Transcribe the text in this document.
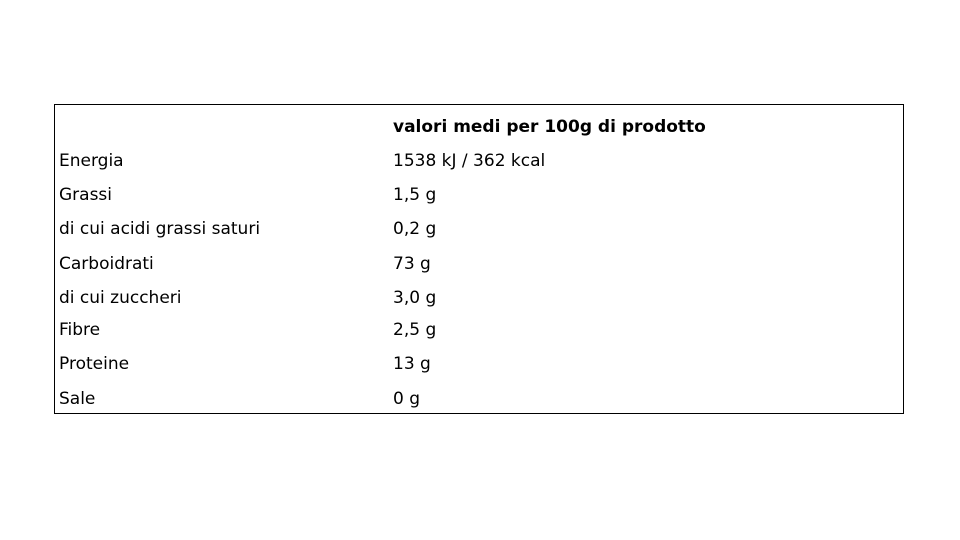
valori medi per 100g di prodotto
Energia	1538 kJ / 362 kcal
Grassi	1,5 g
di cui acidi grassi saturi	0,2 g
Carboidrati	73 g
di cui zuccheri	3,0 g
Fibre	2,5 g
Proteine	13 g
Sale	0 g
